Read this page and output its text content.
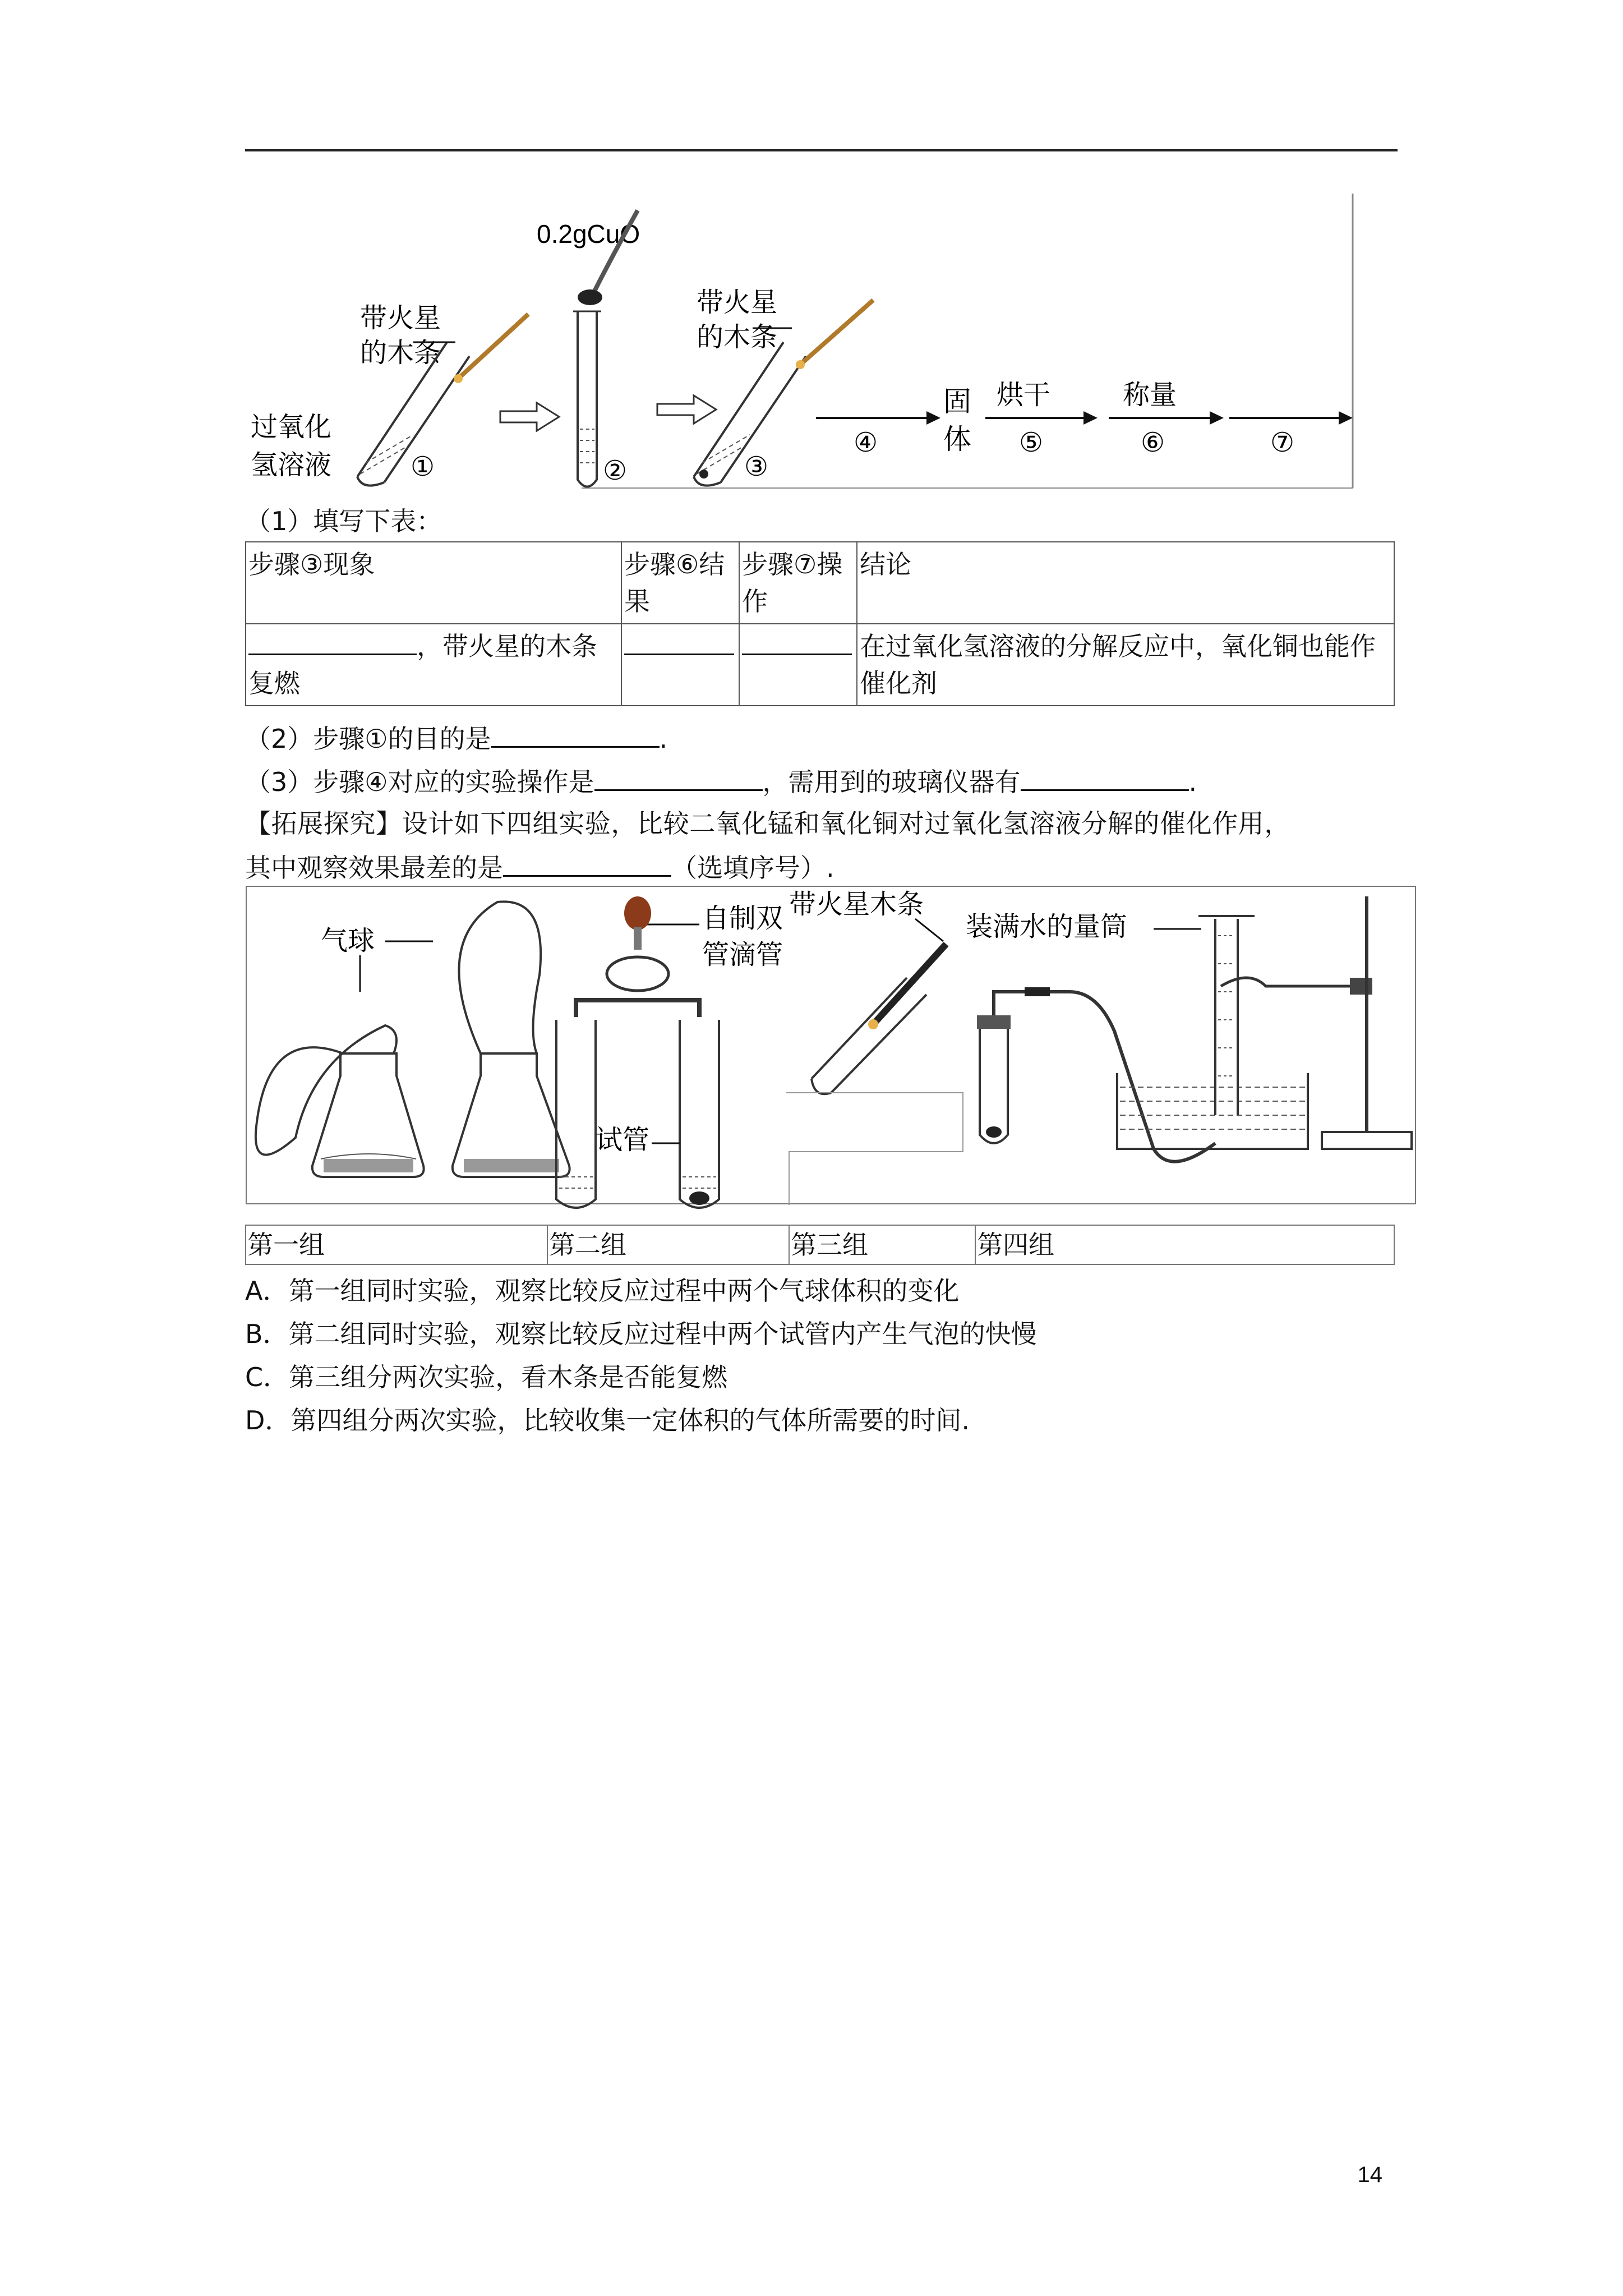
0.2gCuO
带火星
的木条
过氧化
氢溶液	①	②
带火星
的木条
③
④
固
体
烘干
⑤
称量
⑥	⑦
（1）填写下表：
步骤③现象	步骤⑥结果	步骤⑦操作	结论
，带火星的木条复燃			在过氧化氢溶液的分解反应中，氧化铜也能作催化剂
（2）步骤①的目的是	.
（3）步骤④对应的实验操作是	，需用到的玻璃仪器有	.
【拓展探究】设计如下四组实验，比较二氧化锰和氧化铜对过氧化氢溶液分解的催化作用，
其中观察效果最差的是	（选填序号）.
气球
自制双
管滴管
试管
带火星木条
装满水的量筒
第一组	第二组	第三组	第四组
A．第一组同时实验，观察比较反应过程中两个气球体积的变化
B．第二组同时实验，观察比较反应过程中两个试管内产生气泡的快慢
C．第三组分两次实验，看木条是否能复燃
D．第四组分两次实验，比较收集一定体积的气体所需要的时间.
14
